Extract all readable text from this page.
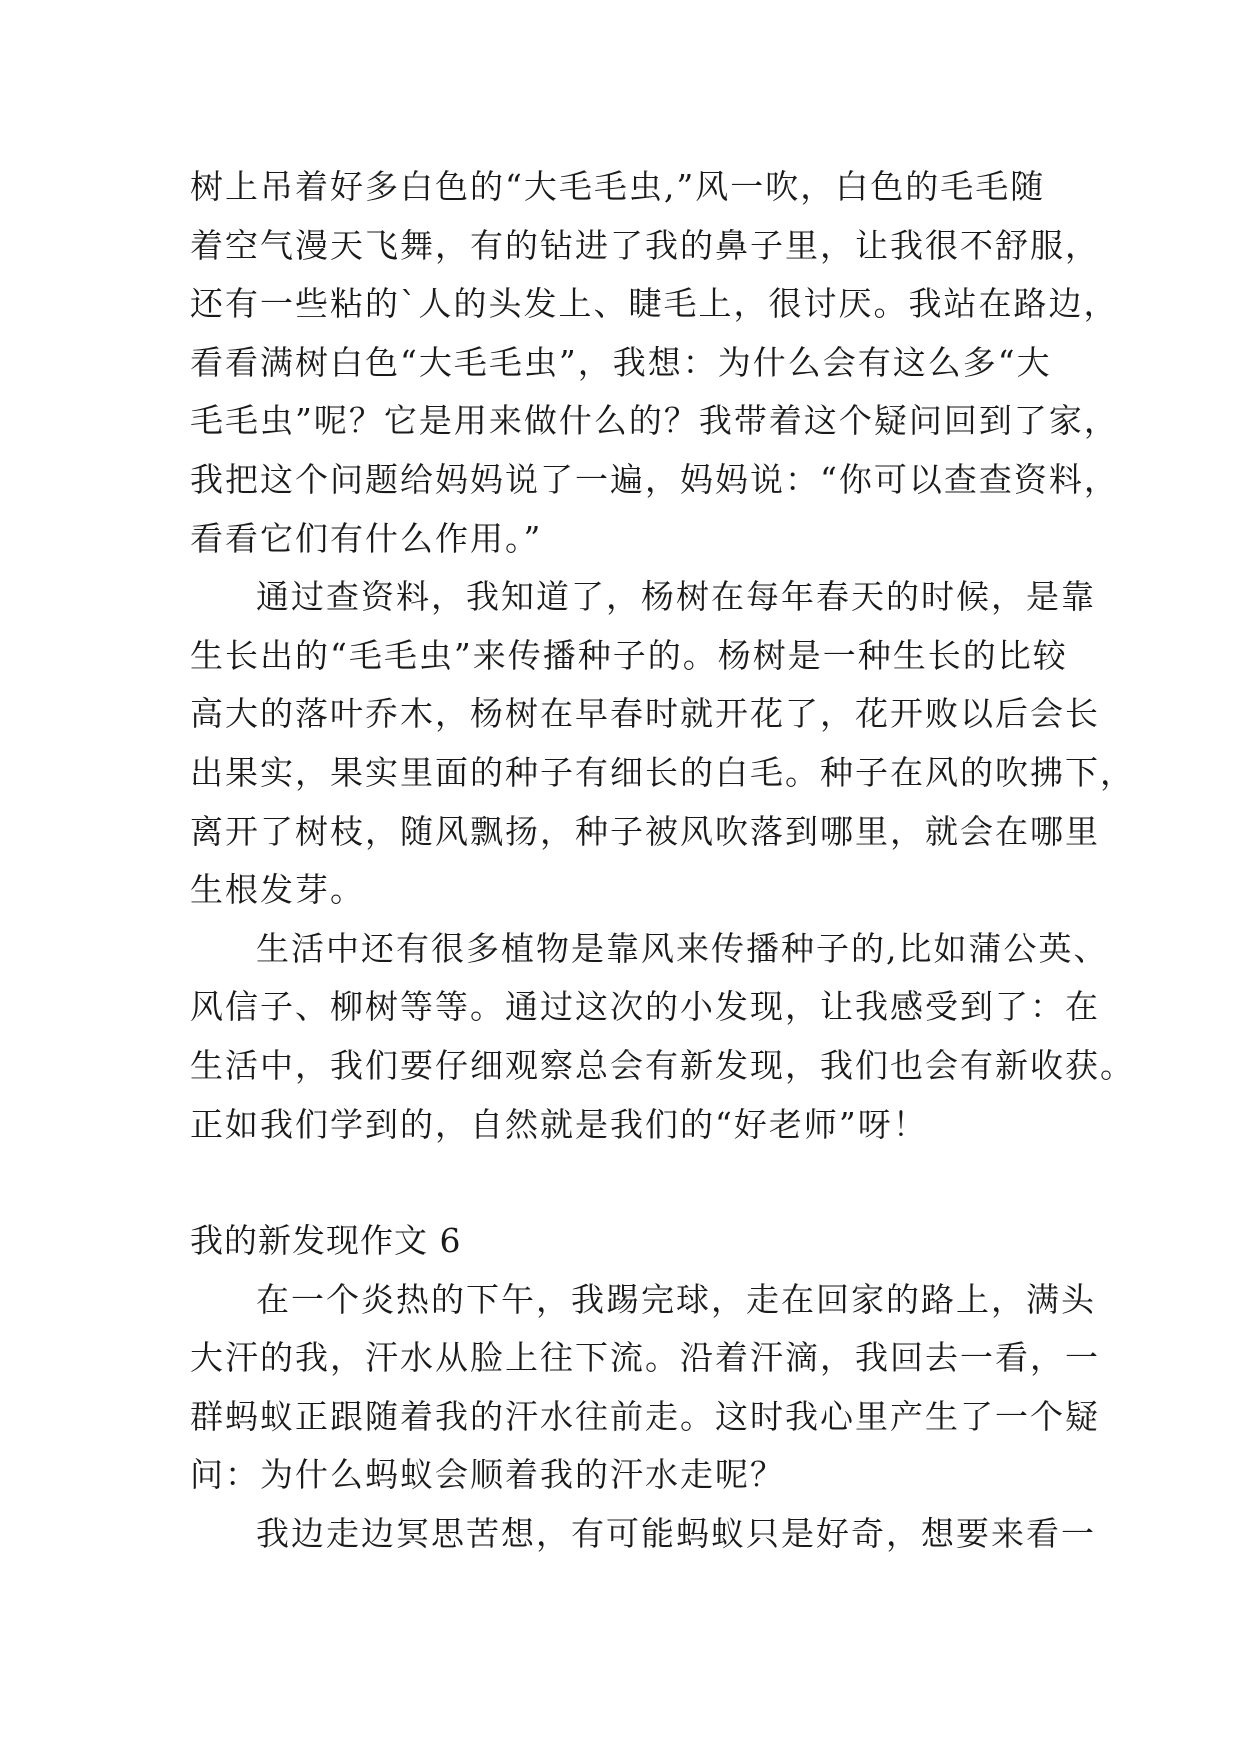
树上吊着好多白色的“大毛毛虫,”风一吹，白色的毛毛随
着空气漫天飞舞，有的钻进了我的鼻子里，让我很不舒服，
还有一些粘的`人的头发上、睫毛上，很讨厌。我站在路边，
看看满树白色“大毛毛虫”，我想：为什么会有这么多“大
毛毛虫”呢？它是用来做什么的？我带着这个疑问回到了家，
我把这个问题给妈妈说了一遍，妈妈说：“你可以查查资料，
看看它们有什么作用。”

通过查资料，我知道了，杨树在每年春天的时候，是靠
生长出的“毛毛虫”来传播种子的。杨树是一种生长的比较
高大的落叶乔木，杨树在早春时就开花了，花开败以后会长
出果实，果实里面的种子有细长的白毛。种子在风的吹拂下，
离开了树枝，随风飘扬，种子被风吹落到哪里，就会在哪里
生根发芽。

生活中还有很多植物是靠风来传播种子的,比如蒲公英、
风信子、柳树等等。通过这次的小发现，让我感受到了：在
生活中，我们要仔细观察总会有新发现，我们也会有新收获。
正如我们学到的，自然就是我们的“好老师”呀！

我的新发现作文 6

在一个炎热的下午，我踢完球，走在回家的路上，满头
大汗的我，汗水从脸上往下流。沿着汗滴，我回去一看，一
群蚂蚁正跟随着我的汗水往前走。这时我心里产生了一个疑
问：为什么蚂蚁会顺着我的汗水走呢？

我边走边冥思苦想，有可能蚂蚁只是好奇，想要来看一
